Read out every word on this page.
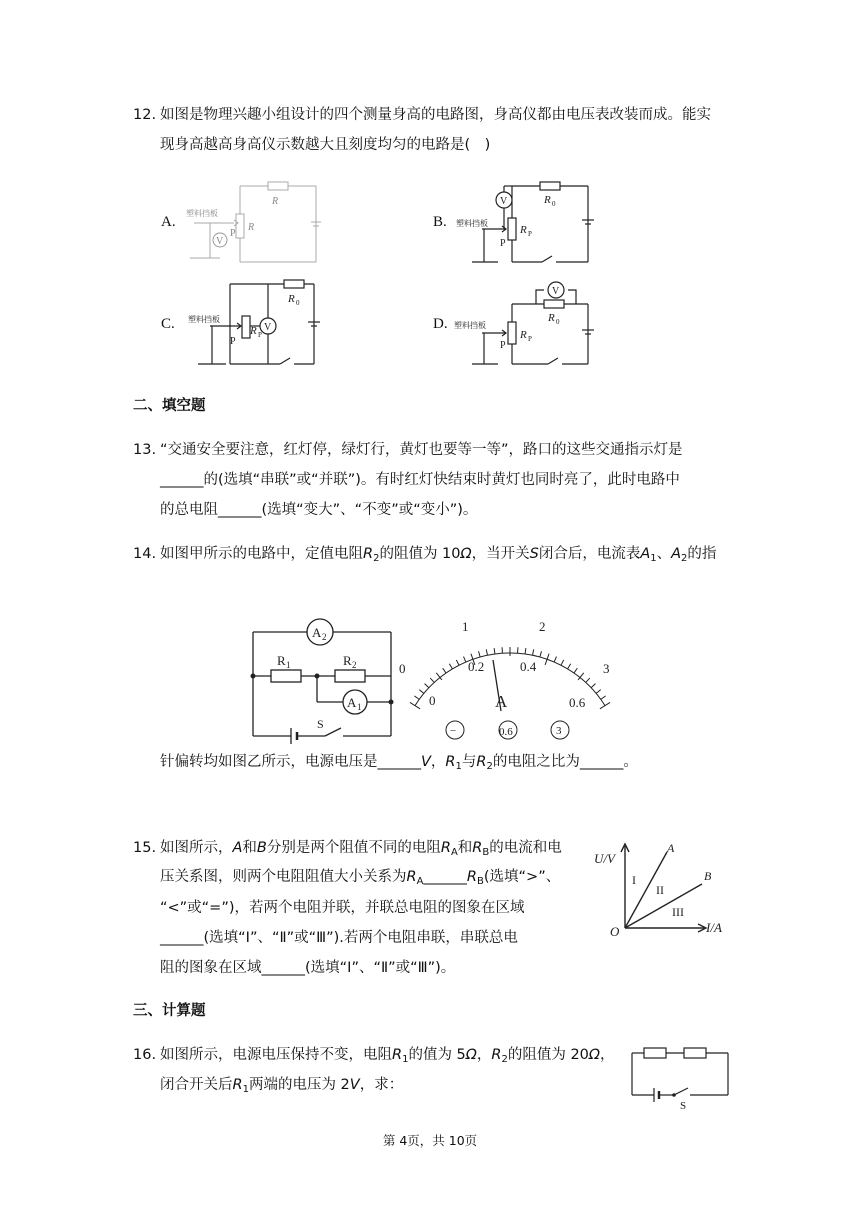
12. 如图是物理兴趣小组设计的四个测量身高的电路图，身高仪都由电压表改装而成。能实
现身高越高身高仪示数越大且刻度均匀的电路是(　)
A.	B.
C.	D.
V
塑料挡板
P
R
R	V
塑料挡板
P
R P
R 0
V
塑料挡板
P
R P
R 0
V
塑料挡板
P
R P
R 0
二、填空题
13. “交通安全要注意，红灯停，绿灯行，黄灯也要等一等”，路口的这些交通指示灯是
______的(选填“串联”或“并联”)。有时红灯快结束时黄灯也同时亮了，此时电路中
的总电阻______(选填“变大”、“不变”或“变小”)。
14. 如图甲所示的电路中，定值电阻$R_2$的阻值为 10Ω，当开关S闭合后，电流表$A_1$、$A_2$的指
A 2
A 1
R 1	R 2
S
0
1	2
3
0
0.2	0.4
0.6
A
−	0.6	3
针偏转均如图乙所示，电源电压是______V，$R_1$与$R_2$的电阻之比为______。
15. 如图所示，A和B分别是两个阻值不同的电阻$R_A$和$R_B$的电流和电
压关系图，则两个电阻阻值大小关系为$R_A\_\_\_\_\_\_R_B$(选填“>”、
“<”或“=”)，若两个电阻并联，并联总电阻的图象在区域
______(选填“I”、“Ⅱ”或“Ⅲ”).若两个电阻串联，串联总电
阻的图象在区域______(选填“I”、“Ⅱ”或“Ⅲ”)。
U/V
I/A
O
A
B
I
II
III
三、计算题
16. 如图所示，电源电压保持不变，电阻$R_1$的值为 5Ω，$R_2$的阻值为 20Ω，
闭合开关后$R_1$两端的电压为 2V，求：
S
第 4页，共 10页
